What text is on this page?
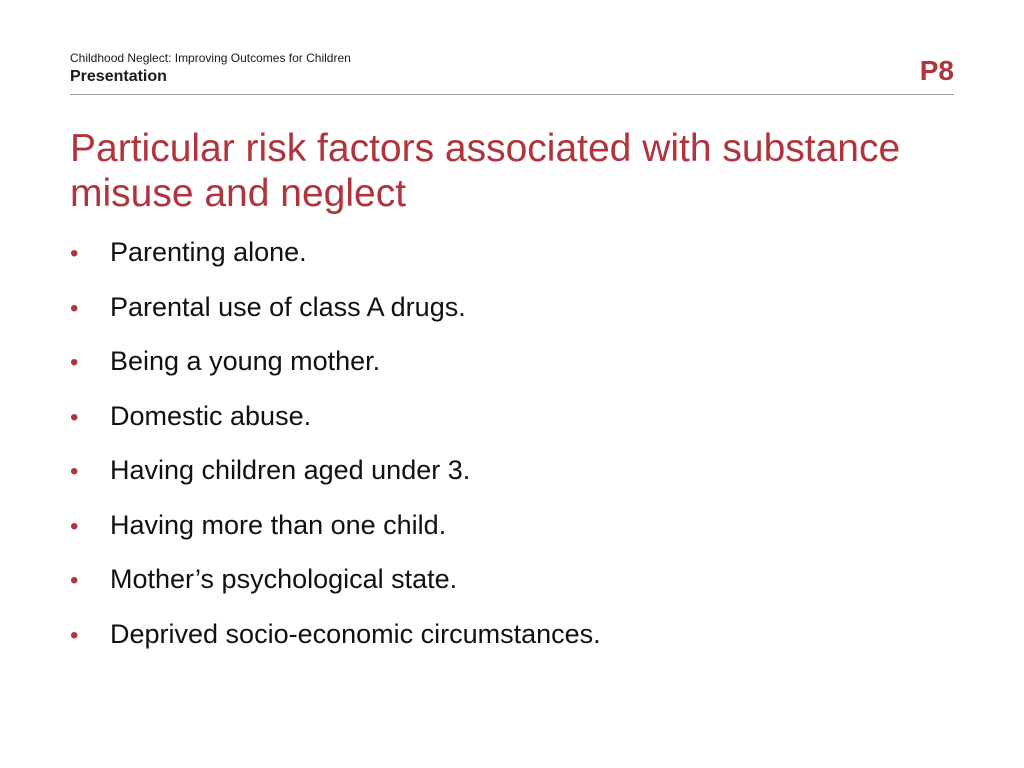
Childhood Neglect: Improving Outcomes for Children
Presentation	P8
Particular risk factors associated with substance misuse and neglect
•	Parenting alone.
•	Parental use of class A drugs.
•	Being a young mother.
•	Domestic abuse.
•	Having children aged under 3.
•	Having more than one child.
•	Mother’s psychological state.
•	Deprived socio-economic circumstances.
